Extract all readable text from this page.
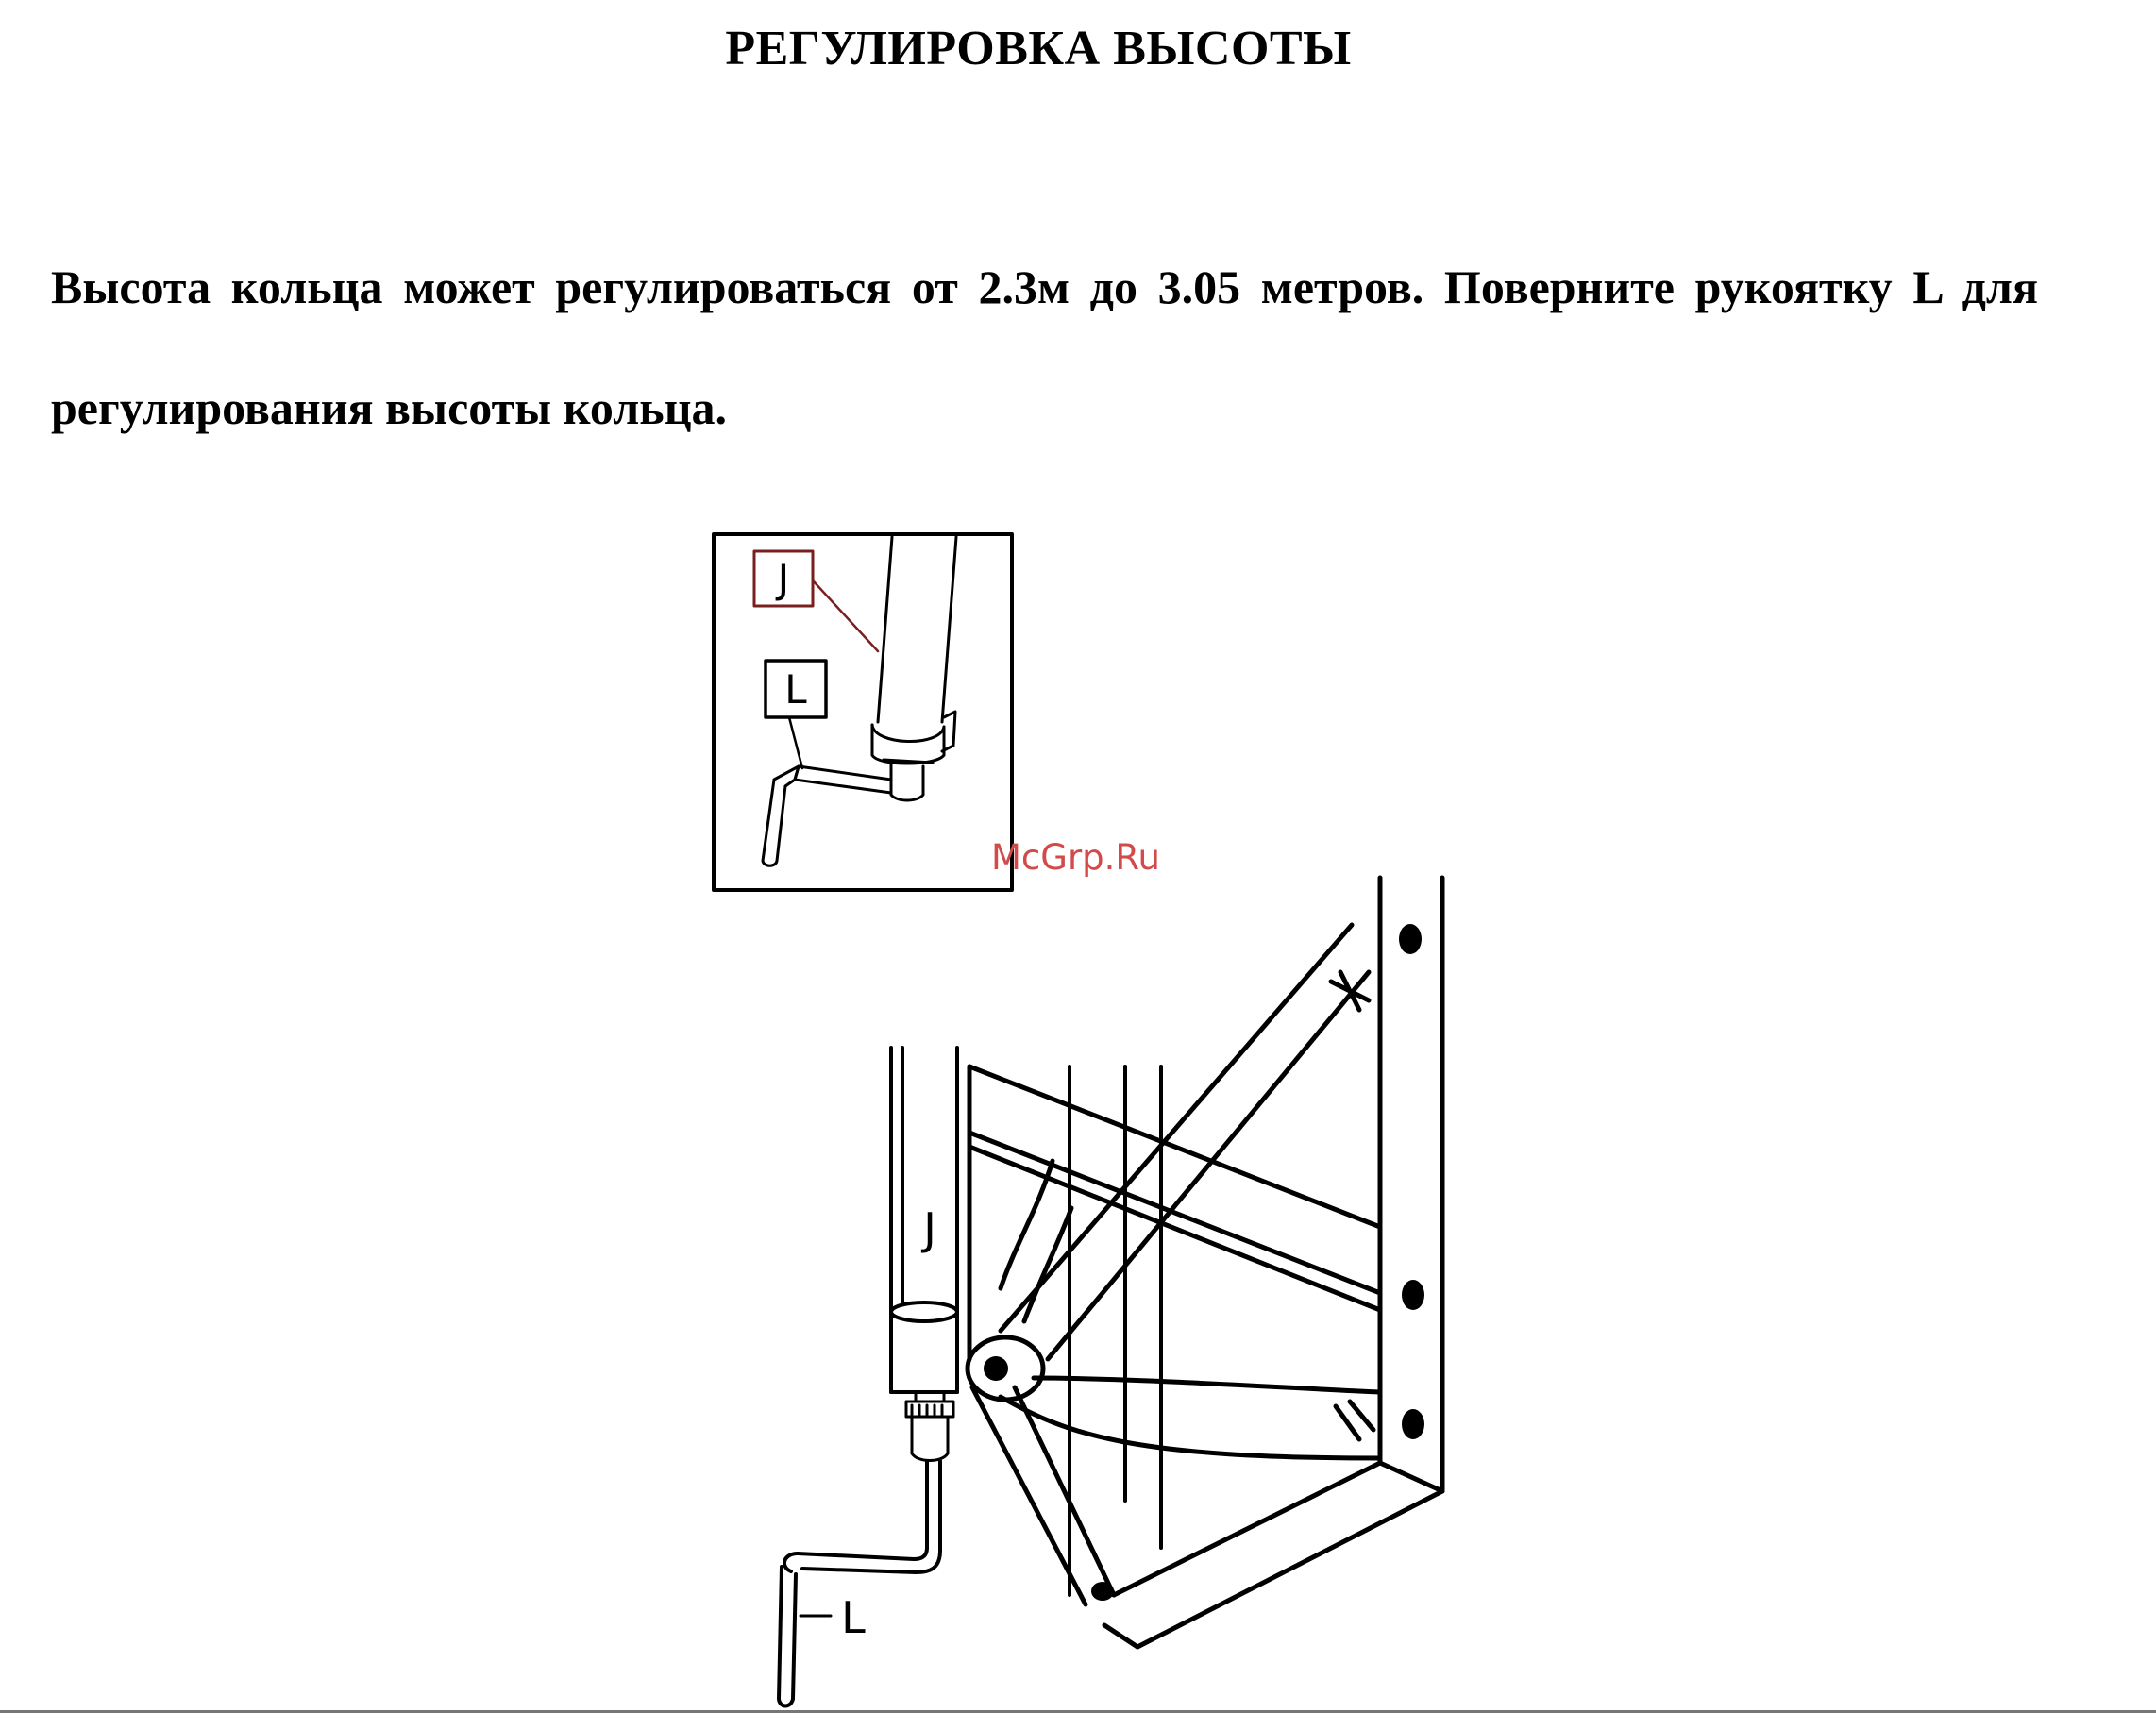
РЕГУЛИРОВКА ВЫСОТЫ
Высота кольца может регулироваться от 2.3м до 3.05 метров. Поверните рукоятку L для регулирования высоты кольца.
J
L
J
L
McGrp.Ru
